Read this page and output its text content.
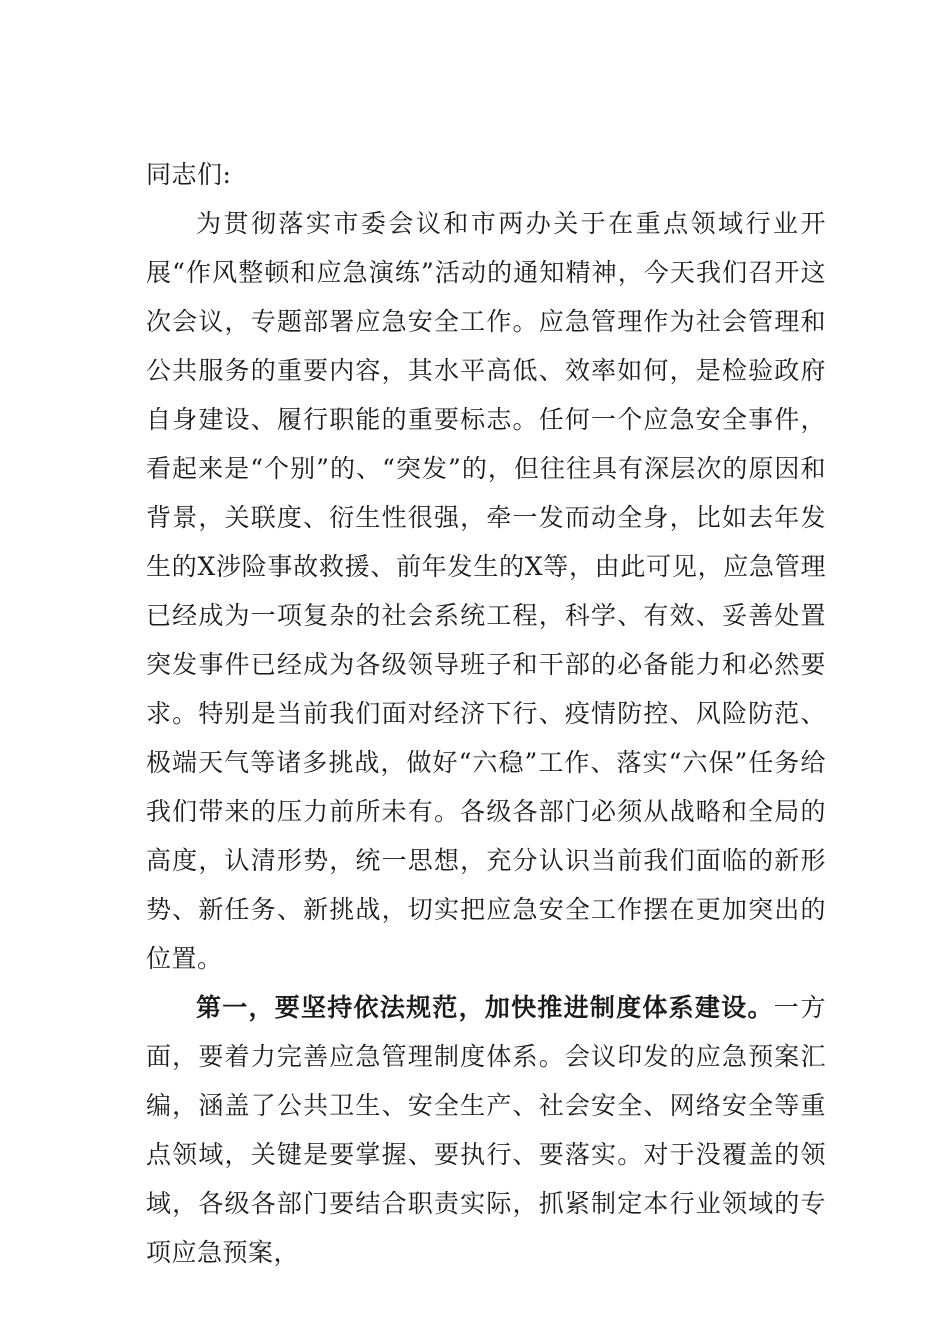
同志们:

为贯彻落实市委会议和市两办关于在重点领域行业开展“作风整顿和应急演练”活动的通知精神，今天我们召开这次会议，专题部署应急安全工作。应急管理作为社会管理和公共服务的重要内容，其水平高低、效率如何，是检验政府自身建设、履行职能的重要标志。任何一个应急安全事件，看起来是“个别”的、“突发”的，但往往具有深层次的原因和背景，关联度、衍生性很强，牵一发而动全身，比如去年发生的X涉险事故救援、前年发生的X等，由此可见，应急管理已经成为一项复杂的社会系统工程，科学、有效、妥善处置突发事件已经成为各级领导班子和干部的必备能力和必然要求。特别是当前我们面对经济下行、疫情防控、风险防范、极端天气等诸多挑战，做好“六稳”工作、落实“六保”任务给我们带来的压力前所未有。各级各部门必须从战略和全局的高度，认清形势，统一思想，充分认识当前我们面临的新形势、新任务、新挑战，切实把应急安全工作摆在更加突出的位置。

第一，要坚持依法规范，加快推进制度体系建设。一方面，要着力完善应急管理制度体系。会议印发的应急预案汇编，涵盖了公共卫生、安全生产、社会安全、网络安全等重点领域，关键是要掌握、要执行、要落实。对于没覆盖的领域，各级各部门要结合职责实际，抓紧制定本行业领域的专项应急预案，
